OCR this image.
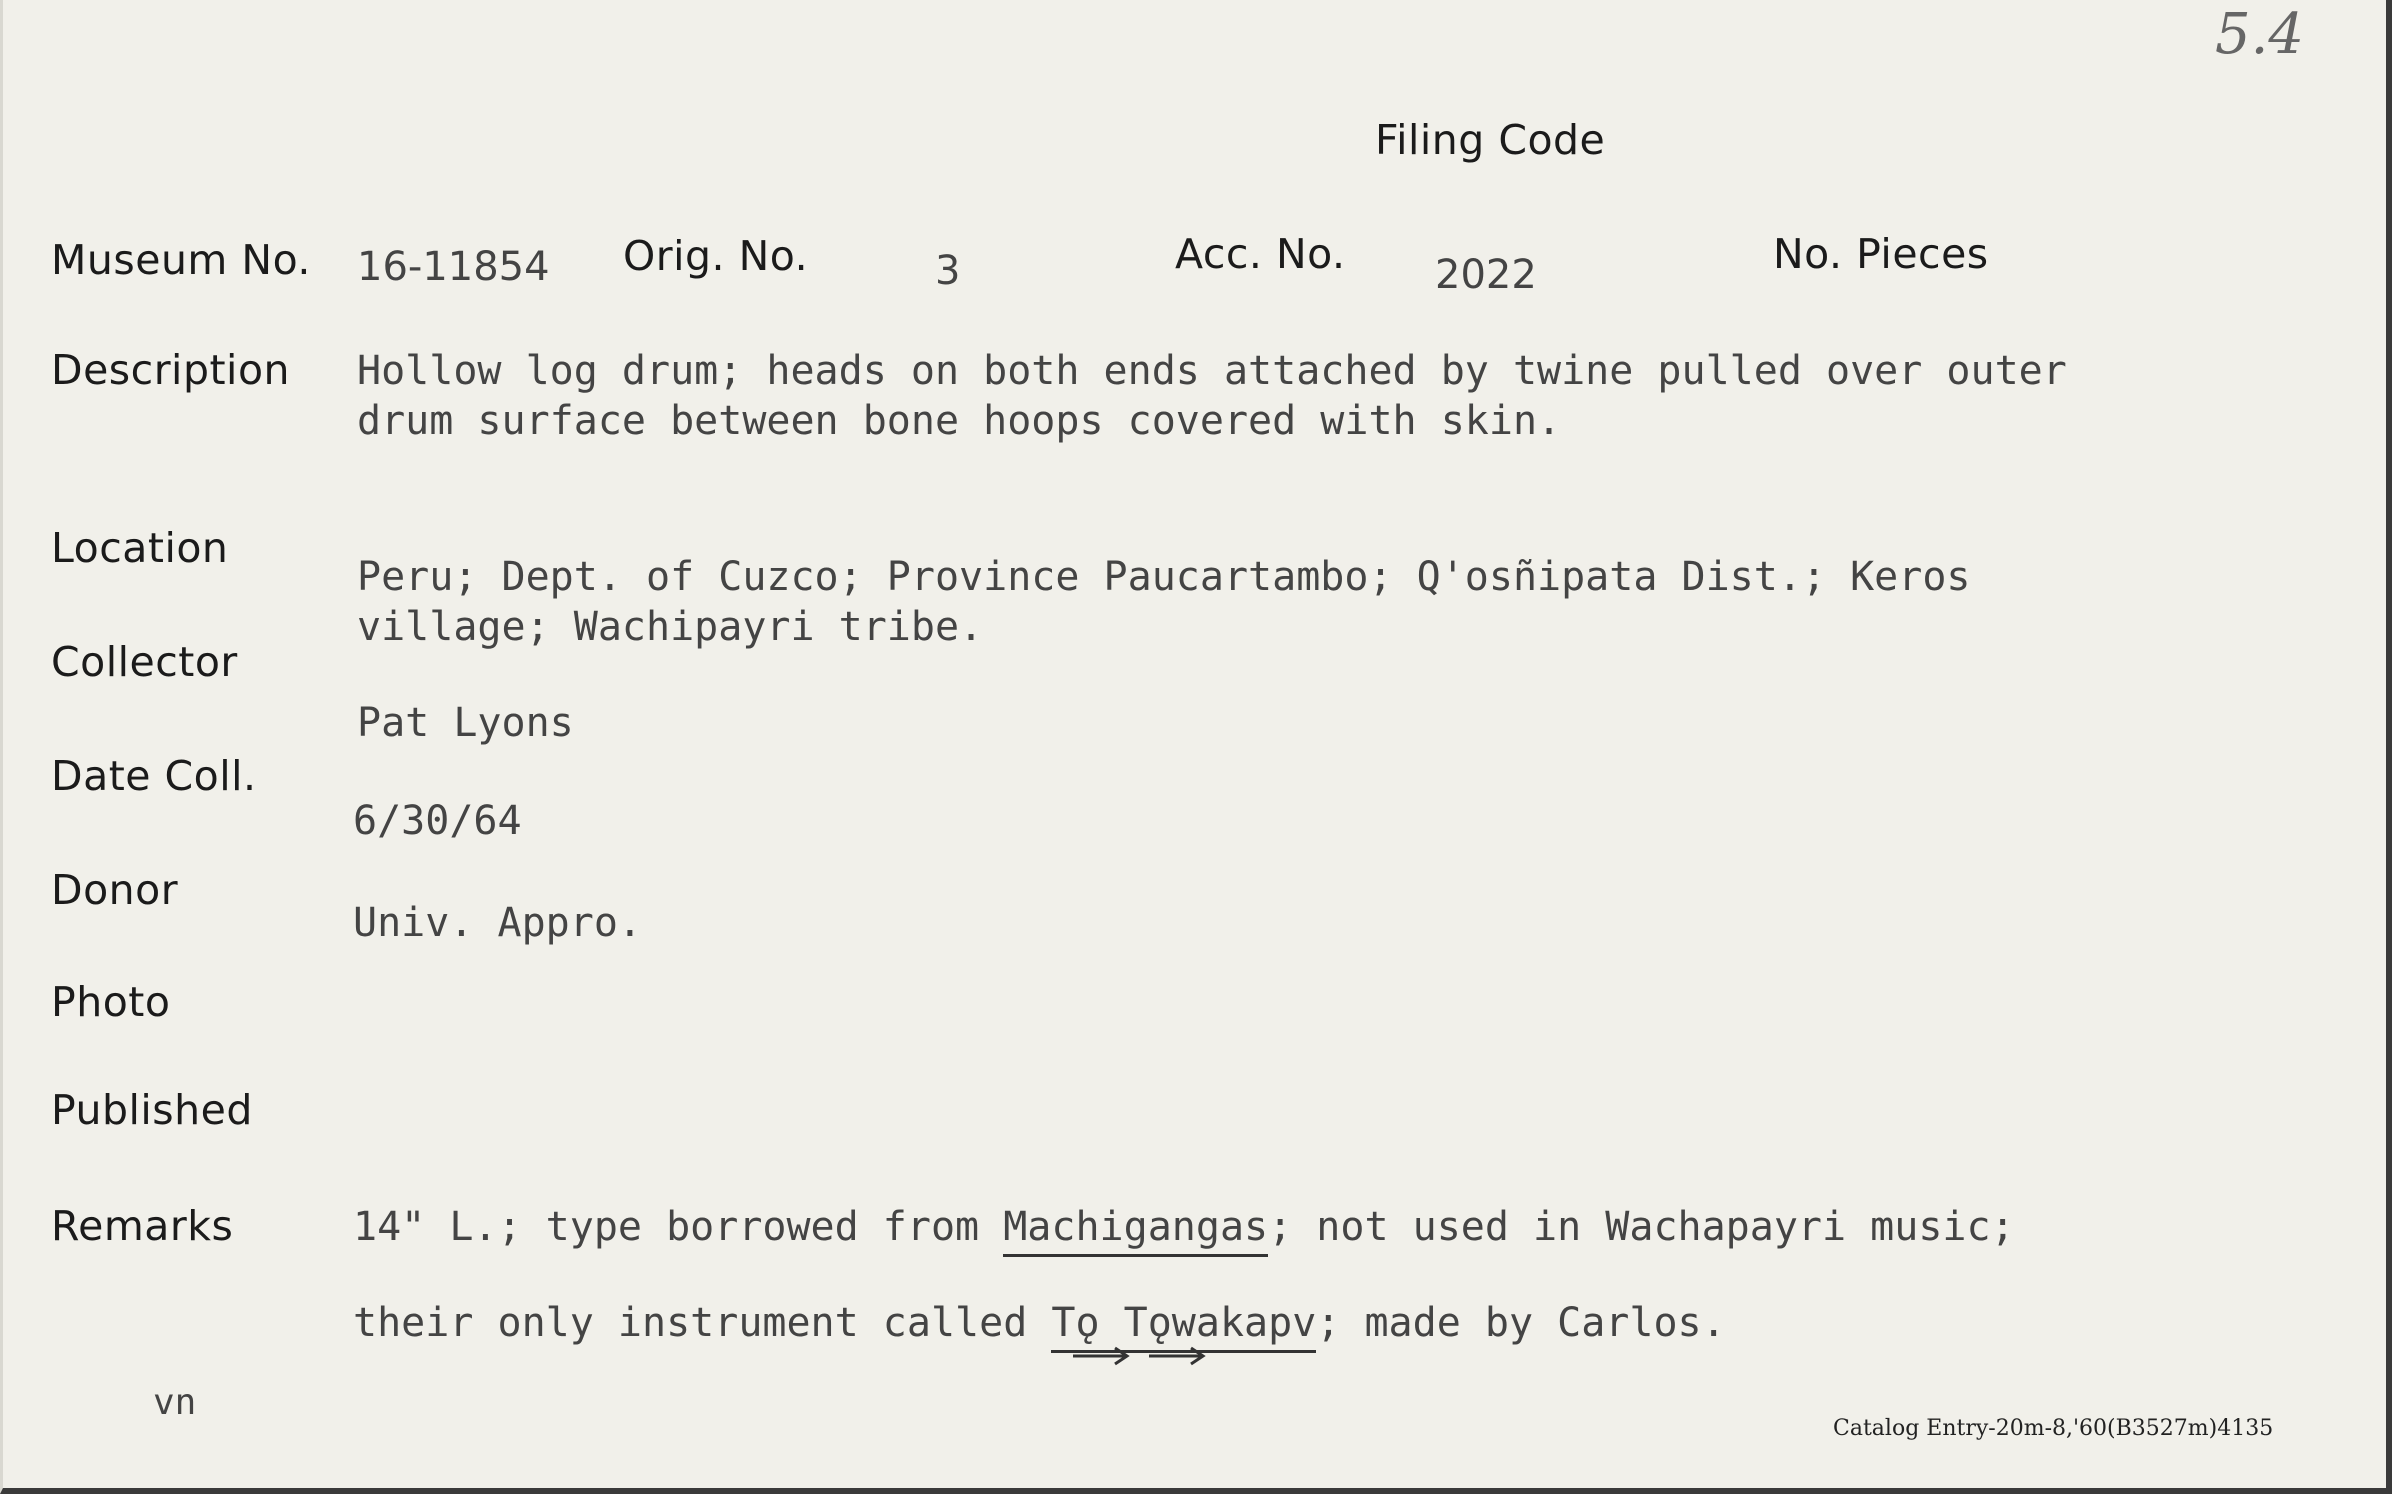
5.4
Filing Code
Museum No. 16-11854 Orig. No.	3	Acc. No. 2022	No. Pieces
Description Hollow log drum; heads on both ends attached by twine pulled over outer
drum surface between bone hoops covered with skin.
Location
Peru; Dept. of Cuzco; Province Paucartambo; Q'osñipata Dist.; Keros
village; Wachipayri tribe.
Collector
Pat Lyons
Date Coll.
6/30/64
Donor
Univ. Appro.
Photo
Published
Remarks	14" L.; type borrowed from Machigangas; not used in Wachapayri music;
their only instrument called Tǫ Tǫwakapv; made by Carlos.
vn
Catalog Entry-20m-8,'60(B3527m)4135
